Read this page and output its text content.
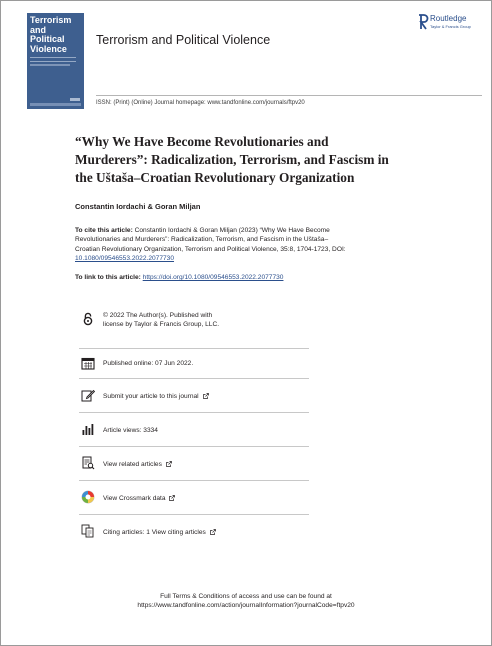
Terrorism
and Political
Violence
Terrorism and Political Violence
Routledge
Taylor & Francis Group
ISSN: (Print) (Online) Journal homepage: www.tandfonline.com/journals/ftpv20
“Why We Have Become Revolutionaries and
Murderers”: Radicalization, Terrorism, and Fascism in
the Uštaša–Croatian Revolutionary Organization
Constantin Iordachi & Goran Miljan
To cite this article: Constantin Iordachi & Goran Miljan (2023) “Why We Have Become
Revolutionaries and Murderers”: Radicalization, Terrorism, and Fascism in the Uštaša–
Croatian Revolutionary Organization, Terrorism and Political Violence, 35:8, 1704-1723, DOI:
10.1080/09546553.2022.2077730
To link to this article: https://doi.org/10.1080/09546553.2022.2077730
© 2022 The Author(s). Published with
license by Taylor & Francis Group, LLC.
Published online: 07 Jun 2022.
Submit your article to this journal
Article views: 3334
View related articles
View Crossmark data
Citing articles: 1 View citing articles
Full Terms & Conditions of access and use can be found at
https://www.tandfonline.com/action/journalInformation?journalCode=ftpv20
